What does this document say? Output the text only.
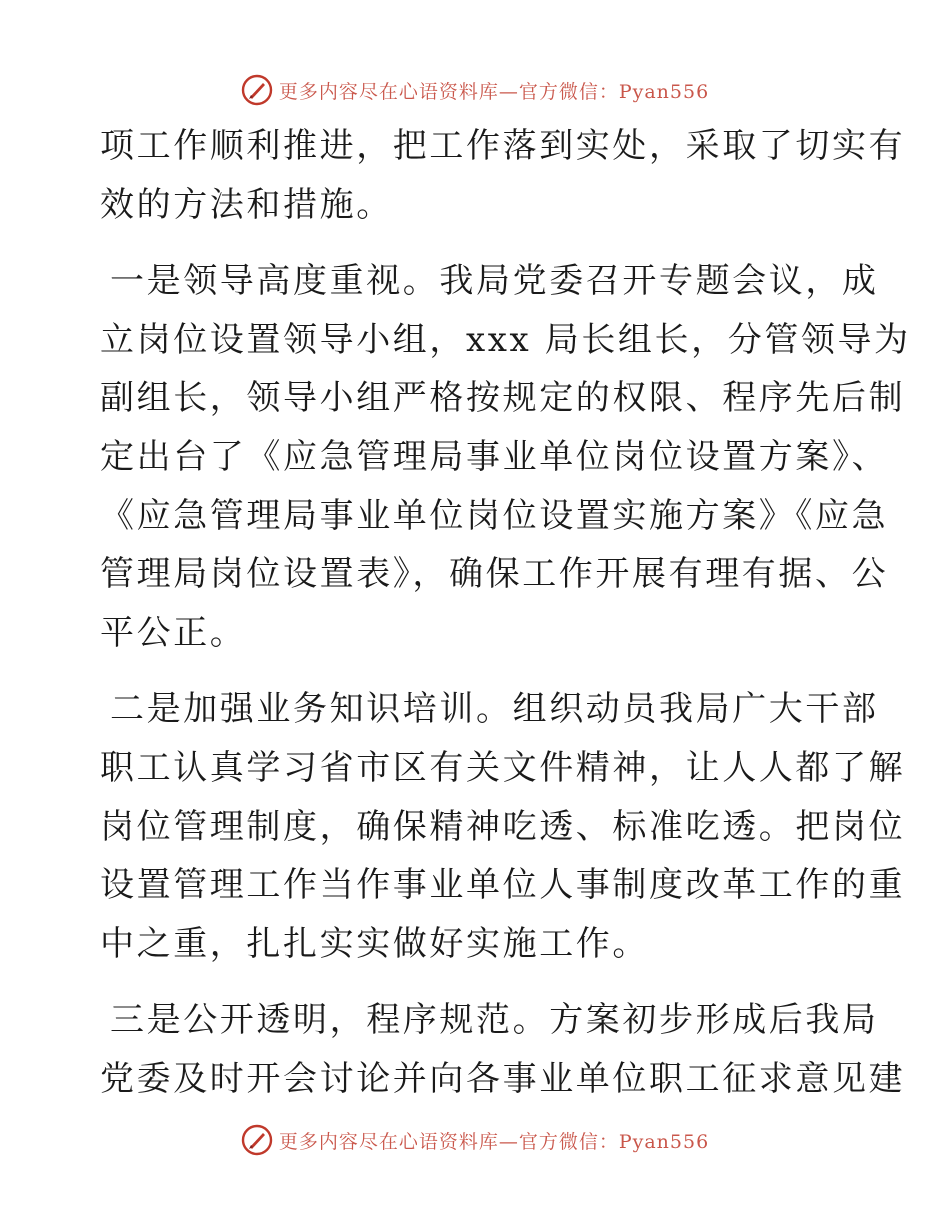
更多内容尽在心语资料库—官方微信：Pyan556

项工作顺利推进，把工作落到实处，采取了切实有
效的方法和措施。

一是领导高度重视。我局党委召开专题会议，成
立岗位设置领导小组，xxx 局长组长，分管领导为
副组长，领导小组严格按规定的权限、程序先后制
定出台了《应急管理局事业单位岗位设置方案》、
《应急管理局事业单位岗位设置实施方案》《应急
管理局岗位设置表》，确保工作开展有理有据、公
平公正。

二是加强业务知识培训。组织动员我局广大干部
职工认真学习省市区有关文件精神，让人人都了解
岗位管理制度，确保精神吃透、标准吃透。把岗位
设置管理工作当作事业单位人事制度改革工作的重
中之重，扎扎实实做好实施工作。

三是公开透明，程序规范。方案初步形成后我局
党委及时开会讨论并向各事业单位职工征求意见建

更多内容尽在心语资料库—官方微信：Pyan556
